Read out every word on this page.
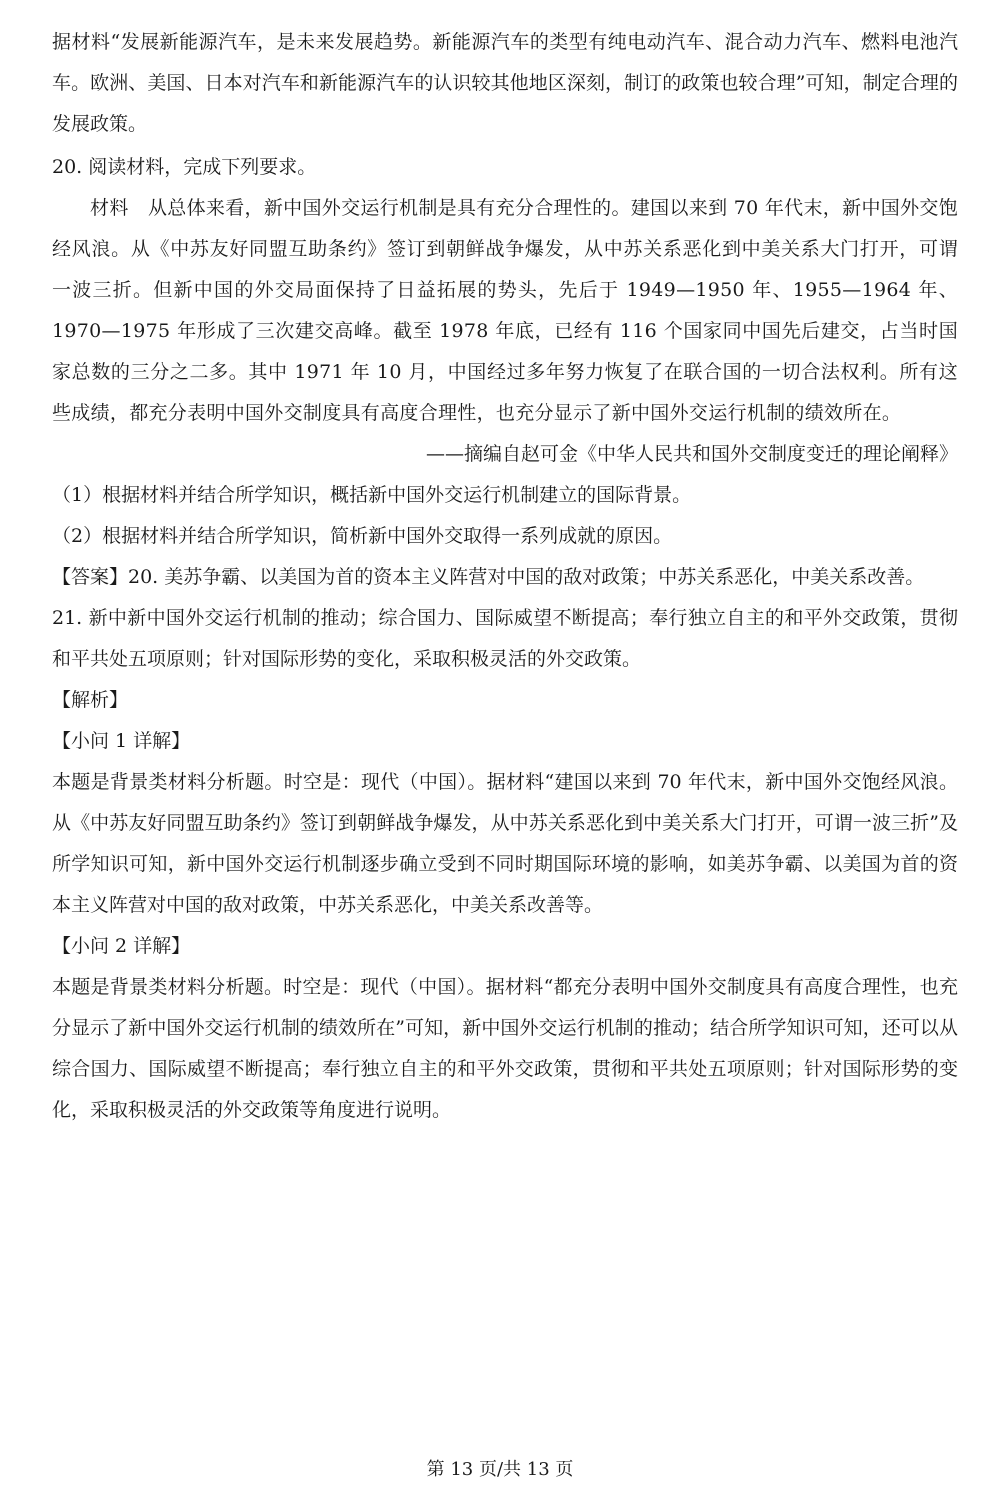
据材料“发展新能源汽车，是未来发展趋势。新能源汽车的类型有纯电动汽车、混合动力汽车、燃料电池汽车。欧洲、美国、日本对汽车和新能源汽车的认识较其他地区深刻，制订的政策也较合理”可知，制定合理的发展政策。

20. 阅读材料，完成下列要求。

材料　从总体来看，新中国外交运行机制是具有充分合理性的。建国以来到 70 年代末，新中国外交饱经风浪。从《中苏友好同盟互助条约》签订到朝鲜战争爆发，从中苏关系恶化到中美关系大门打开，可谓一波三折。但新中国的外交局面保持了日益拓展的势头，先后于 1949—1950 年、1955—1964 年、1970—1975 年形成了三次建交高峰。截至 1978 年底，已经有 116 个国家同中国先后建交，占当时国家总数的三分之二多。其中 1971 年 10 月，中国经过多年努力恢复了在联合国的一切合法权利。所有这些成绩，都充分表明中国外交制度具有高度合理性，也充分显示了新中国外交运行机制的绩效所在。

——摘编自赵可金《中华人民共和国外交制度变迁的理论阐释》

（1）根据材料并结合所学知识，概括新中国外交运行机制建立的国际背景。

（2）根据材料并结合所学知识，简析新中国外交取得一系列成就的原因。

【答案】20. 美苏争霸、以美国为首的资本主义阵营对中国的敌对政策；中苏关系恶化，中美关系改善。

21. 新中新中国外交运行机制的推动；综合国力、国际威望不断提高；奉行独立自主的和平外交政策，贯彻和平共处五项原则；针对国际形势的变化，采取积极灵活的外交政策。

【解析】

【小问 1 详解】

本题是背景类材料分析题。时空是：现代（中国）。据材料“建国以来到 70 年代末，新中国外交饱经风浪。从《中苏友好同盟互助条约》签订到朝鲜战争爆发，从中苏关系恶化到中美关系大门打开，可谓一波三折”及所学知识可知，新中国外交运行机制逐步确立受到不同时期国际环境的影响，如美苏争霸、以美国为首的资本主义阵营对中国的敌对政策，中苏关系恶化，中美关系改善等。

【小问 2 详解】

本题是背景类材料分析题。时空是：现代（中国）。据材料“都充分表明中国外交制度具有高度合理性，也充分显示了新中国外交运行机制的绩效所在”可知，新中国外交运行机制的推动；结合所学知识可知，还可以从综合国力、国际威望不断提高；奉行独立自主的和平外交政策，贯彻和平共处五项原则；针对国际形势的变化，采取积极灵活的外交政策等角度进行说明。

第 13 页/共 13 页
